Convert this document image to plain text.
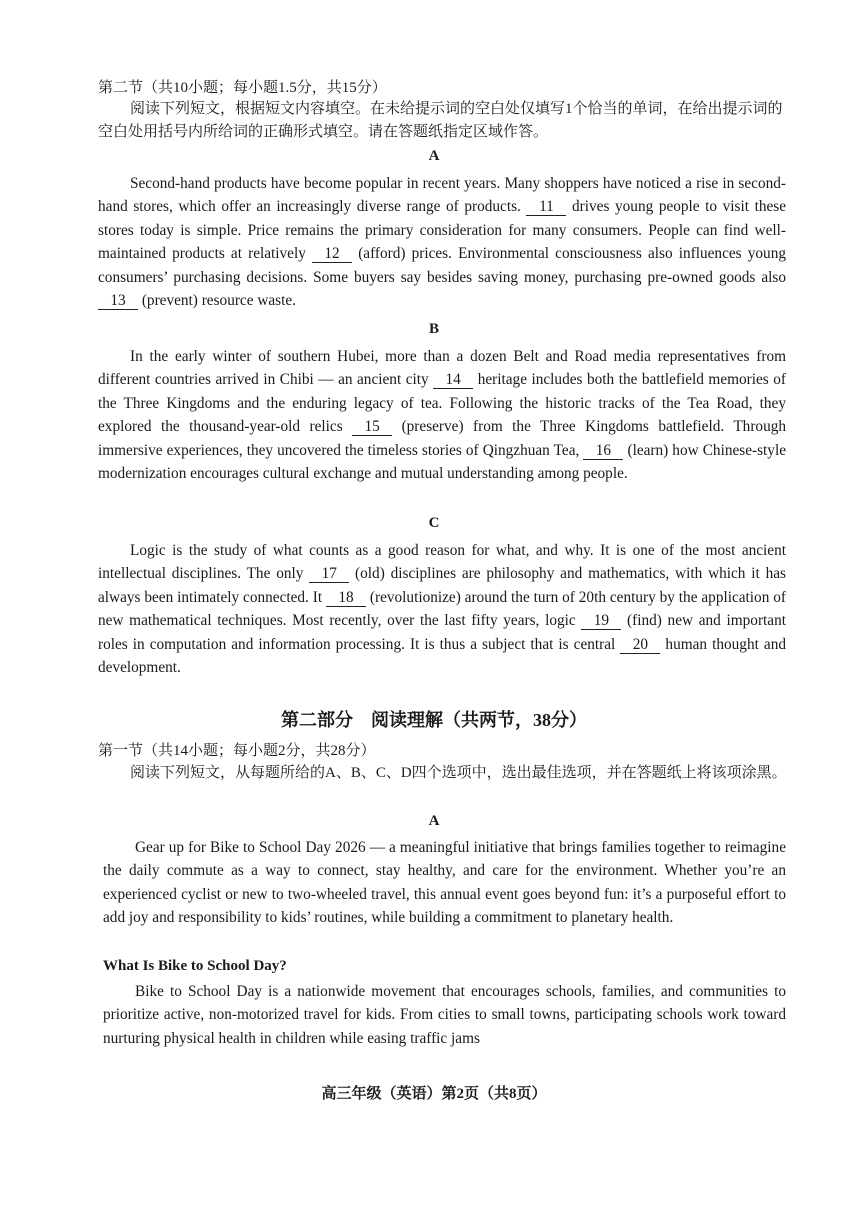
第二节（共10小题；每小题1.5分，共15分）

阅读下列短文，根据短文内容填空。在未给提示词的空白处仅填写1个恰当的单词，在给出提示词的空白处用括号内所给词的正确形式填空。请在答题纸指定区域作答。

A

Second-hand products have become popular in recent years. Many shoppers have noticed a rise in second-hand stores, which offer an increasingly diverse range of products. 11 drives young people to visit these stores today is simple. Price remains the primary consideration for many consumers. People can find well-maintained products at relatively 12 (afford) prices. Environmental consciousness also influences young consumers’ purchasing decisions. Some buyers say besides saving money, purchasing pre-owned goods also 13 (prevent) resource waste.

B

In the early winter of southern Hubei, more than a dozen Belt and Road media representatives from different countries arrived in Chibi — an ancient city 14 heritage includes both the battlefield memories of the Three Kingdoms and the enduring legacy of tea. Following the historic tracks of the Tea Road, they explored the thousand-year-old relics 15 (preserve) from the Three Kingdoms battlefield. Through immersive experiences, they uncovered the timeless stories of Qingzhuan Tea, 16 (learn) how Chinese-style modernization encourages cultural exchange and mutual understanding among people.

C

Logic is the study of what counts as a good reason for what, and why. It is one of the most ancient intellectual disciplines. The only 17 (old) disciplines are philosophy and mathematics, with which it has always been intimately connected. It 18 (revolutionize) around the turn of 20th century by the application of new mathematical techniques. Most recently, over the last fifty years, logic 19 (find) new and important roles in computation and information processing. It is thus a subject that is central 20 human thought and development.

第二部分　阅读理解（共两节，38分）
第一节（共14小题；每小题2分，共28分）

阅读下列短文，从每题所给的A、B、C、D四个选项中，选出最佳选项，并在答题纸上将该项涂黑。

A

Gear up for Bike to School Day 2026 — a meaningful initiative that brings families together to reimagine the daily commute as a way to connect, stay healthy, and care for the environment. Whether you’re an experienced cyclist or new to two-wheeled travel, this annual event goes beyond fun: it’s a purposeful effort to add joy and responsibility to kids’ routines, while building a commitment to planetary health.

What Is Bike to School Day?

Bike to School Day is a nationwide movement that encourages schools, families, and communities to prioritize active, non-motorized travel for kids. From cities to small towns, participating schools work toward nurturing physical health in children while easing traffic jams

高三年级（英语）第2页（共8页）
